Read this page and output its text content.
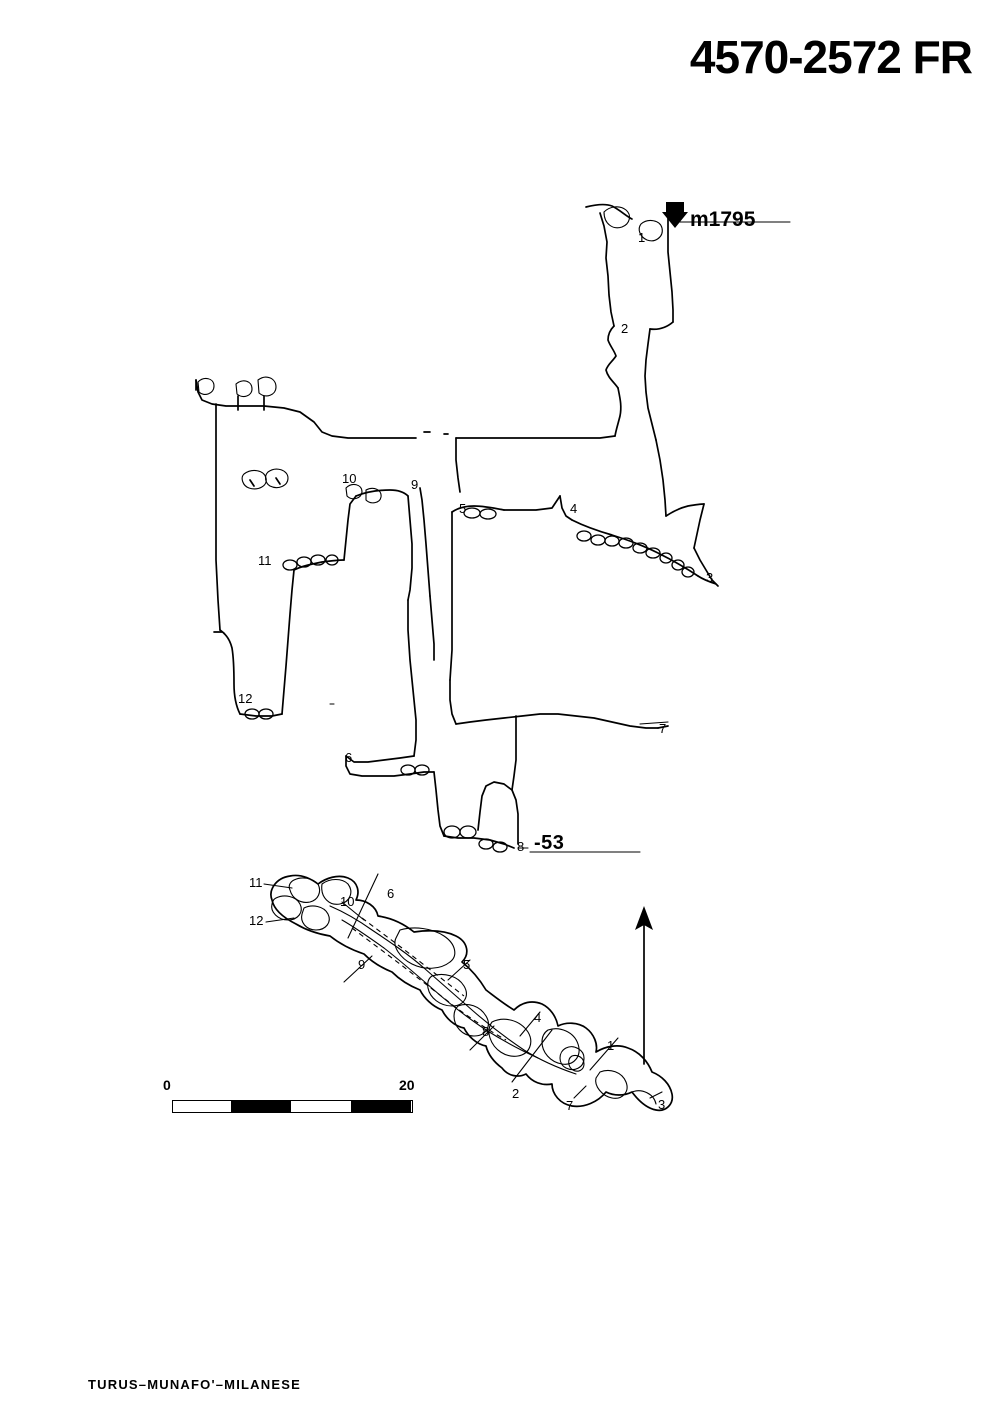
4570-2572 FR
m1795
-53
1
2
3
4
5
6
7
8
9
10
11
12
1
2
3
4
5
6
7
8
9
10
11
12
0	20
TURUS–MUNAFO'–MILANESE
